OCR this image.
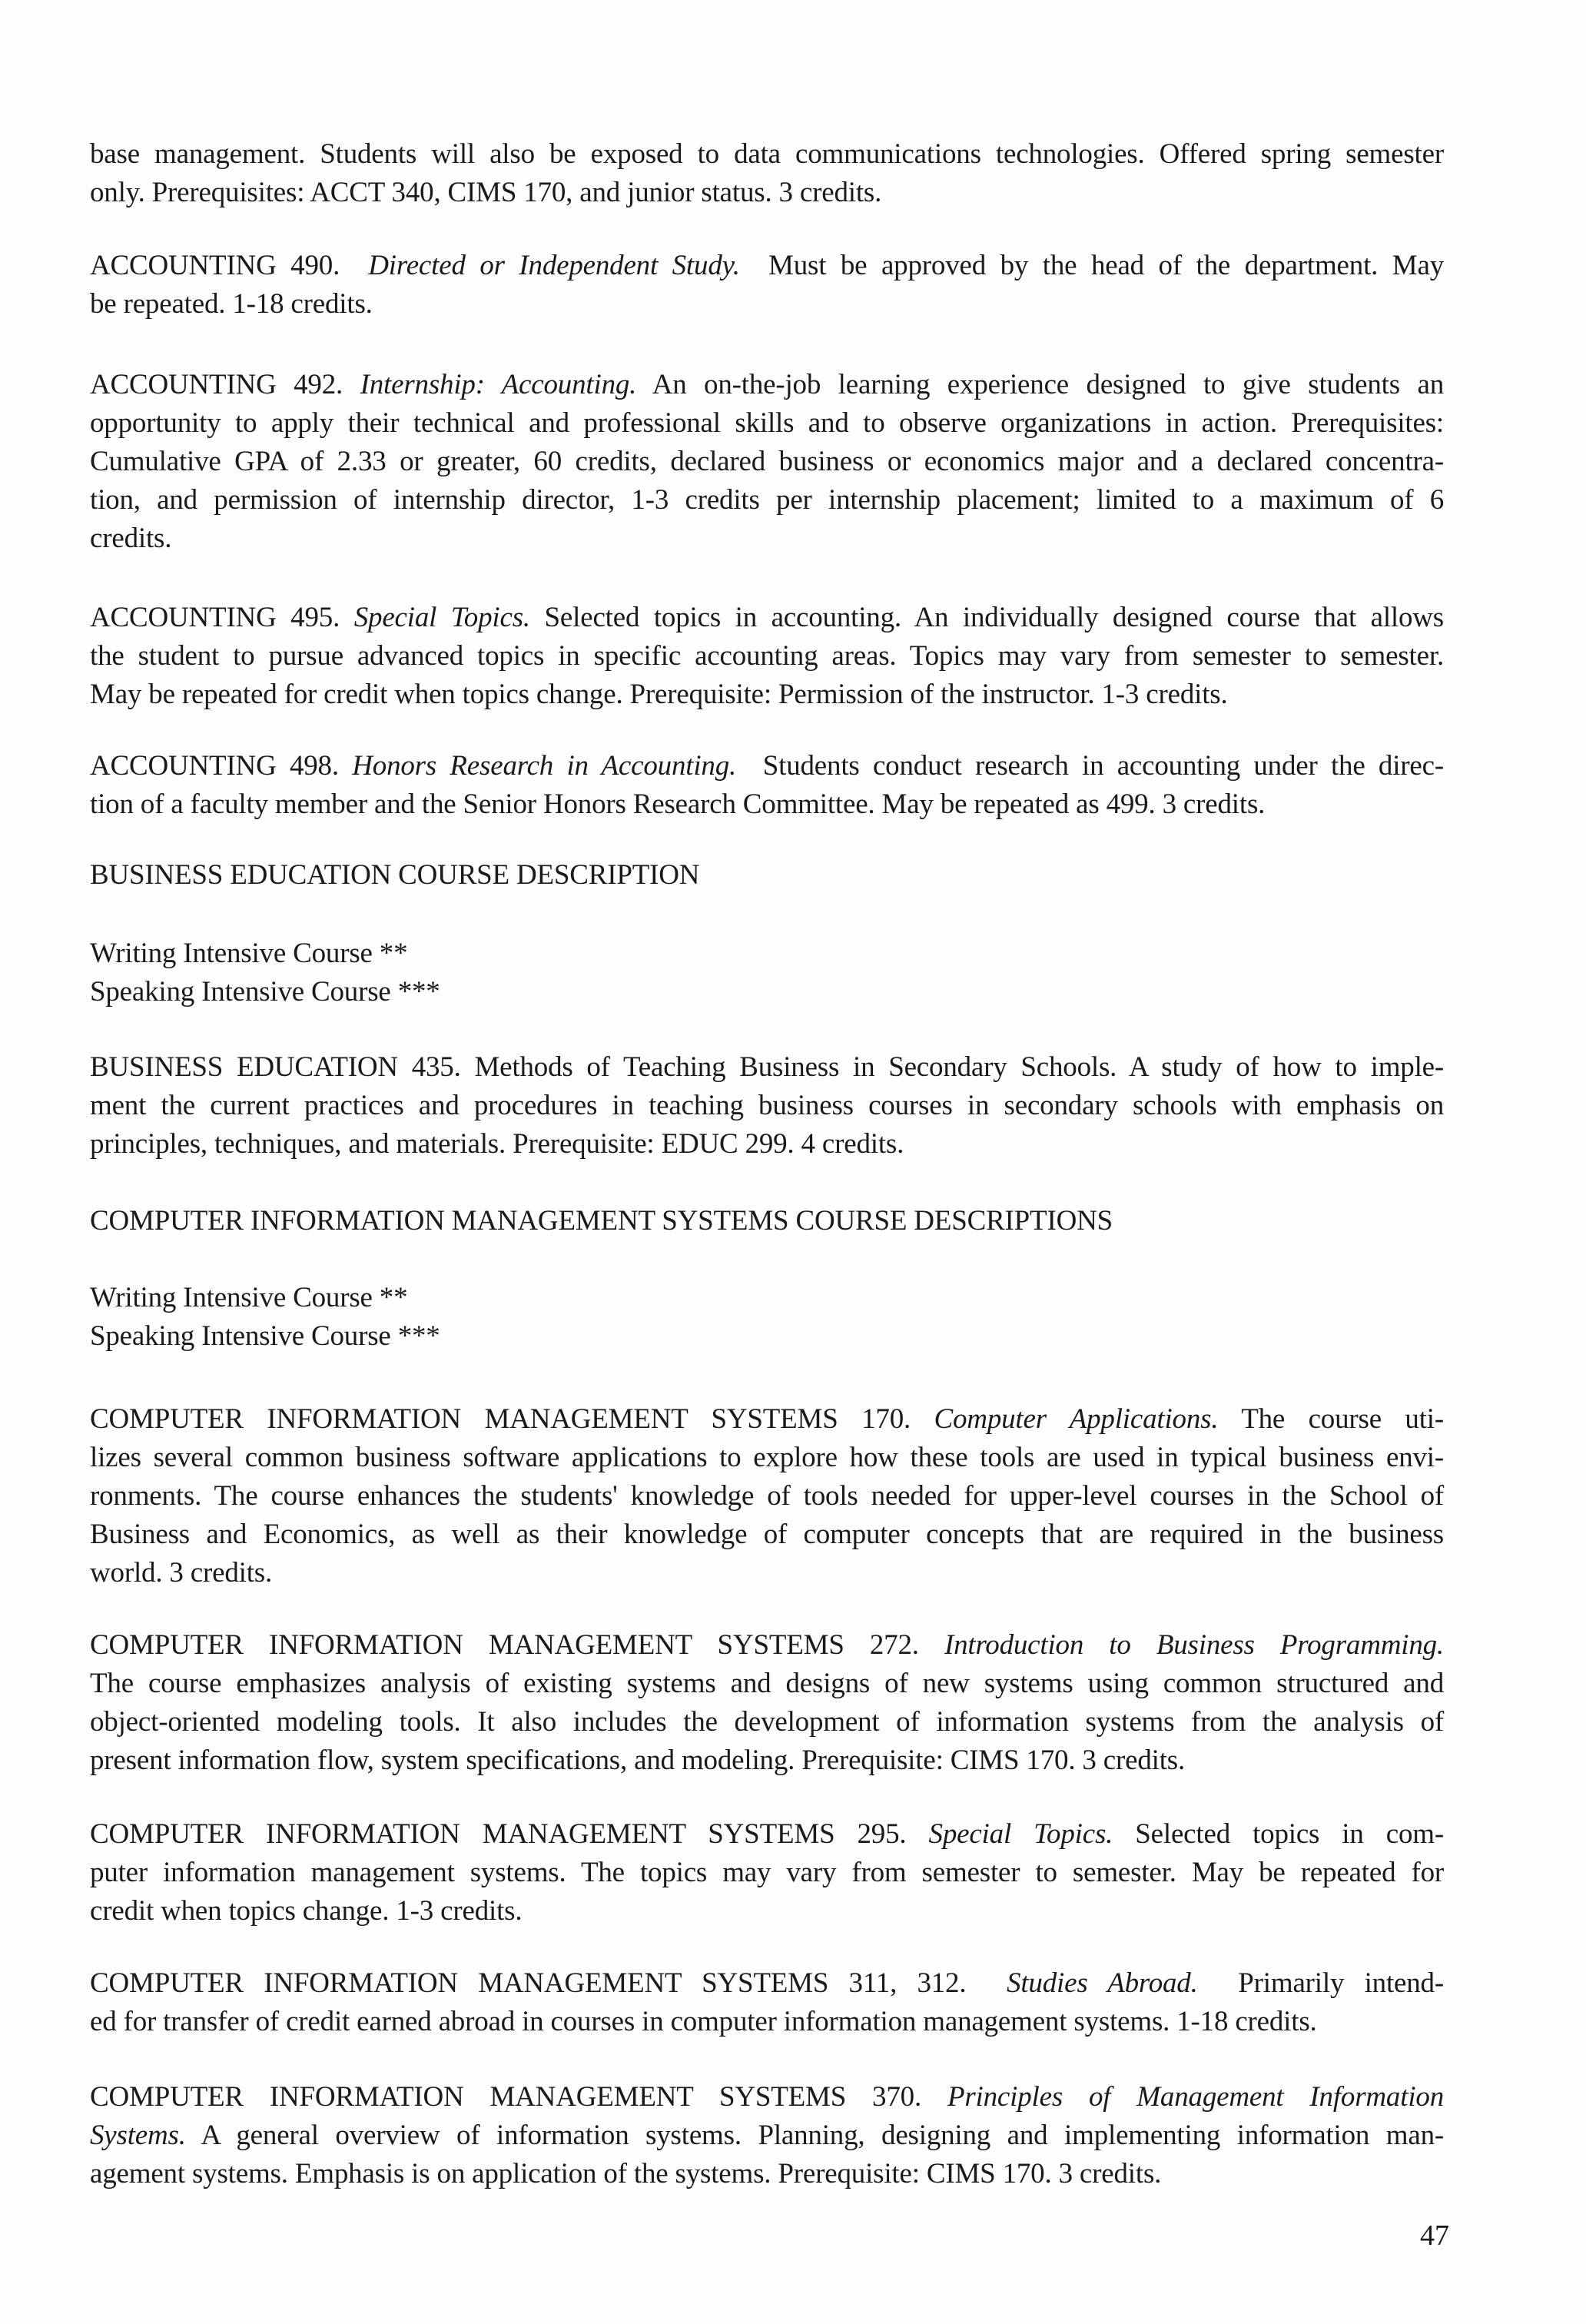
base management. Students will also be exposed to data communications technologies. Offered spring semester
only. Prerequisites: ACCT 340, CIMS 170, and junior status. 3 credits.
ACCOUNTING 490. Directed or Independent Study. Must be approved by the head of the department. May
be repeated. 1-18 credits.
ACCOUNTING 492. Internship: Accounting. An on-the-job learning experience designed to give students an
opportunity to apply their technical and professional skills and to observe organizations in action. Prerequisites:
Cumulative GPA of 2.33 or greater, 60 credits, declared business or economics major and a declared concentra-
tion, and permission of internship director, 1-3 credits per internship placement; limited to a maximum of 6
credits.
ACCOUNTING 495. Special Topics. Selected topics in accounting. An individually designed course that allows
the student to pursue advanced topics in specific accounting areas. Topics may vary from semester to semester.
May be repeated for credit when topics change. Prerequisite: Permission of the instructor. 1-3 credits.
ACCOUNTING 498. Honors Research in Accounting. Students conduct research in accounting under the direc-
tion of a faculty member and the Senior Honors Research Committee. May be repeated as 499. 3 credits.
BUSINESS EDUCATION COURSE DESCRIPTION
Writing Intensive Course **
Speaking Intensive Course ***
BUSINESS EDUCATION 435. Methods of Teaching Business in Secondary Schools. A study of how to imple-
ment the current practices and procedures in teaching business courses in secondary schools with emphasis on
principles, techniques, and materials. Prerequisite: EDUC 299. 4 credits.
COMPUTER INFORMATION MANAGEMENT SYSTEMS COURSE DESCRIPTIONS
Writing Intensive Course **
Speaking Intensive Course ***
COMPUTER INFORMATION MANAGEMENT SYSTEMS 170. Computer Applications. The course uti-
lizes several common business software applications to explore how these tools are used in typical business envi-
ronments. The course enhances the students' knowledge of tools needed for upper-level courses in the School of
Business and Economics, as well as their knowledge of computer concepts that are required in the business
world. 3 credits.
COMPUTER INFORMATION MANAGEMENT SYSTEMS 272. Introduction to Business Programming.
The course emphasizes analysis of existing systems and designs of new systems using common structured and
object-oriented modeling tools. It also includes the development of information systems from the analysis of
present information flow, system specifications, and modeling. Prerequisite: CIMS 170. 3 credits.
COMPUTER INFORMATION MANAGEMENT SYSTEMS 295. Special Topics. Selected topics in com-
puter information management systems. The topics may vary from semester to semester. May be repeated for
credit when topics change. 1-3 credits.
COMPUTER INFORMATION MANAGEMENT SYSTEMS 311, 312. Studies Abroad. Primarily intend-
ed for transfer of credit earned abroad in courses in computer information management systems. 1-18 credits.
COMPUTER INFORMATION MANAGEMENT SYSTEMS 370. Principles of Management Information
Systems. A general overview of information systems. Planning, designing and implementing information man-
agement systems. Emphasis is on application of the systems. Prerequisite: CIMS 170. 3 credits.
47
